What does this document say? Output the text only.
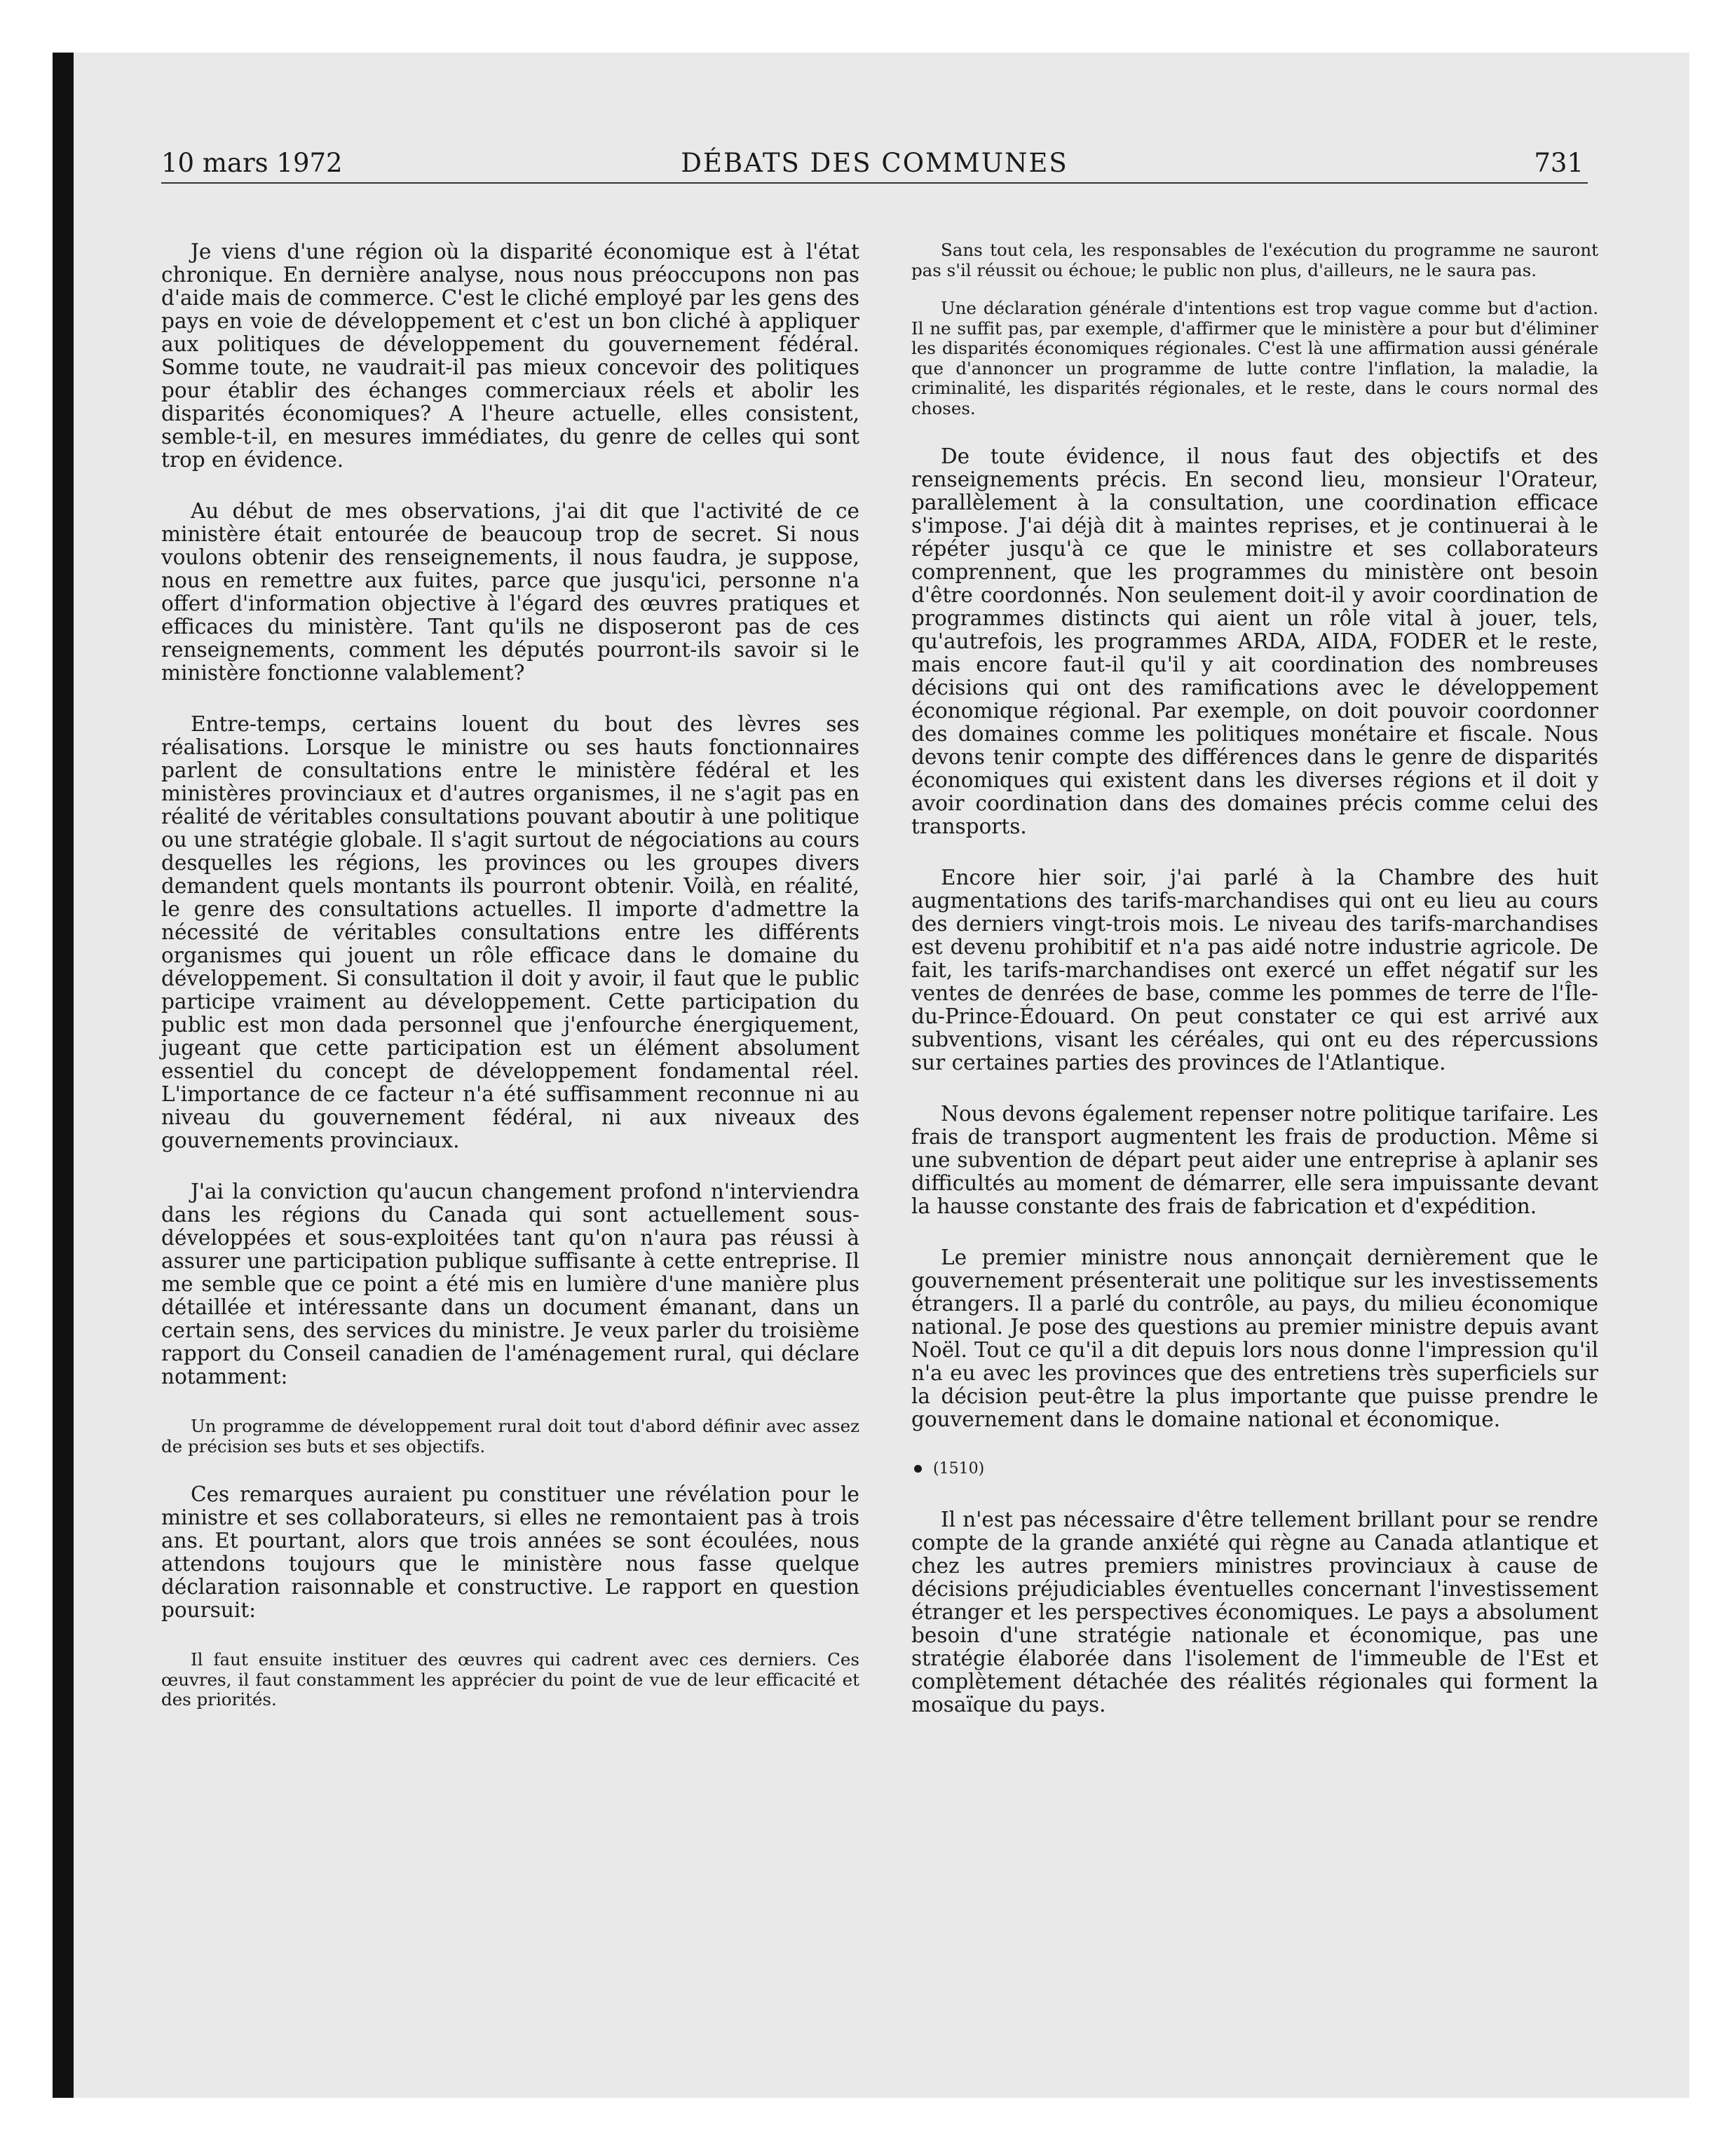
10 mars 1972	DÉBATS DES COMMUNES	731

Je viens d'une région où la disparité économique est à l'état chronique. En dernière analyse, nous nous préoccupons non pas d'aide mais de commerce. C'est le cliché employé par les gens des pays en voie de développement et c'est un bon cliché à appliquer aux politiques de développement du gouvernement fédéral. Somme toute, ne vaudrait-il pas mieux concevoir des politiques pour établir des échanges commerciaux réels et abolir les disparités économiques? A l'heure actuelle, elles consistent, semble-t-il, en mesures immédiates, du genre de celles qui sont trop en évidence.

Au début de mes observations, j'ai dit que l'activité de ce ministère était entourée de beaucoup trop de secret. Si nous voulons obtenir des renseignements, il nous faudra, je suppose, nous en remettre aux fuites, parce que jusqu'ici, personne n'a offert d'information objective à l'égard des œuvres pratiques et efficaces du ministère. Tant qu'ils ne disposeront pas de ces renseignements, comment les députés pourront-ils savoir si le ministère fonctionne valablement?

Entre-temps, certains louent du bout des lèvres ses réalisations. Lorsque le ministre ou ses hauts fonctionnaires parlent de consultations entre le ministère fédéral et les ministères provinciaux et d'autres organismes, il ne s'agit pas en réalité de véritables consultations pouvant aboutir à une politique ou une stratégie globale. Il s'agit surtout de négociations au cours desquelles les régions, les provinces ou les groupes divers demandent quels montants ils pourront obtenir. Voilà, en réalité, le genre des consultations actuelles. Il importe d'admettre la nécessité de véritables consultations entre les différents organismes qui jouent un rôle efficace dans le domaine du développement. Si consultation il doit y avoir, il faut que le public participe vraiment au développement. Cette participation du public est mon dada personnel que j'enfourche énergiquement, jugeant que cette participation est un élément absolument essentiel du concept de développement fondamental réel. L'importance de ce facteur n'a été suffisamment reconnue ni au niveau du gouvernement fédéral, ni aux niveaux des gouvernements provinciaux.

J'ai la conviction qu'aucun changement profond n'interviendra dans les régions du Canada qui sont actuellement sous-développées et sous-exploitées tant qu'on n'aura pas réussi à assurer une participation publique suffisante à cette entreprise. Il me semble que ce point a été mis en lumière d'une manière plus détaillée et intéressante dans un document émanant, dans un certain sens, des services du ministre. Je veux parler du troisième rapport du Conseil canadien de l'aménagement rural, qui déclare notamment:

Un programme de développement rural doit tout d'abord définir avec assez de précision ses buts et ses objectifs.

Ces remarques auraient pu constituer une révélation pour le ministre et ses collaborateurs, si elles ne remontaient pas à trois ans. Et pourtant, alors que trois années se sont écoulées, nous attendons toujours que le ministère nous fasse quelque déclaration raisonnable et constructive. Le rapport en question poursuit:

Il faut ensuite instituer des œuvres qui cadrent avec ces derniers. Ces œuvres, il faut constamment les apprécier du point de vue de leur efficacité et des priorités.

Sans tout cela, les responsables de l'exécution du programme ne sauront pas s'il réussit ou échoue; le public non plus, d'ailleurs, ne le saura pas.

Une déclaration générale d'intentions est trop vague comme but d'action. Il ne suffit pas, par exemple, d'affirmer que le ministère a pour but d'éliminer les disparités économiques régionales. C'est là une affirmation aussi générale que d'annoncer un programme de lutte contre l'inflation, la maladie, la criminalité, les disparités régionales, et le reste, dans le cours normal des choses.

De toute évidence, il nous faut des objectifs et des renseignements précis. En second lieu, monsieur l'Orateur, parallèlement à la consultation, une coordination efficace s'impose. J'ai déjà dit à maintes reprises, et je continuerai à le répéter jusqu'à ce que le ministre et ses collaborateurs comprennent, que les programmes du ministère ont besoin d'être coordonnés. Non seulement doit-il y avoir coordination de programmes distincts qui aient un rôle vital à jouer, tels, qu'autrefois, les programmes ARDA, AIDA, FODER et le reste, mais encore faut-il qu'il y ait coordination des nombreuses décisions qui ont des ramifications avec le développement économique régional. Par exemple, on doit pouvoir coordonner des domaines comme les politiques monétaire et fiscale. Nous devons tenir compte des différences dans le genre de disparités économiques qui existent dans les diverses régions et il doit y avoir coordination dans des domaines précis comme celui des transports.

Encore hier soir, j'ai parlé à la Chambre des huit augmentations des tarifs-marchandises qui ont eu lieu au cours des derniers vingt-trois mois. Le niveau des tarifs-marchandises est devenu prohibitif et n'a pas aidé notre industrie agricole. De fait, les tarifs-marchandises ont exercé un effet négatif sur les ventes de denrées de base, comme les pommes de terre de l'Île-du-Prince-Édouard. On peut constater ce qui est arrivé aux subventions, visant les céréales, qui ont eu des répercussions sur certaines parties des provinces de l'Atlantique.

Nous devons également repenser notre politique tarifaire. Les frais de transport augmentent les frais de production. Même si une subvention de départ peut aider une entreprise à aplanir ses difficultés au moment de démarrer, elle sera impuissante devant la hausse constante des frais de fabrication et d'expédition.

Le premier ministre nous annonçait dernièrement que le gouvernement présenterait une politique sur les investissements étrangers. Il a parlé du contrôle, au pays, du milieu économique national. Je pose des questions au premier ministre depuis avant Noël. Tout ce qu'il a dit depuis lors nous donne l'impression qu'il n'a eu avec les provinces que des entretiens très superficiels sur la décision peut-être la plus importante que puisse prendre le gouvernement dans le domaine national et économique.

(1510)

Il n'est pas nécessaire d'être tellement brillant pour se rendre compte de la grande anxiété qui règne au Canada atlantique et chez les autres premiers ministres provinciaux à cause de décisions préjudiciables éventuelles concernant l'investissement étranger et les perspectives économiques. Le pays a absolument besoin d'une stratégie nationale et économique, pas une stratégie élaborée dans l'isolement de l'immeuble de l'Est et complètement détachée des réalités régionales qui forment la mosaïque du pays.
